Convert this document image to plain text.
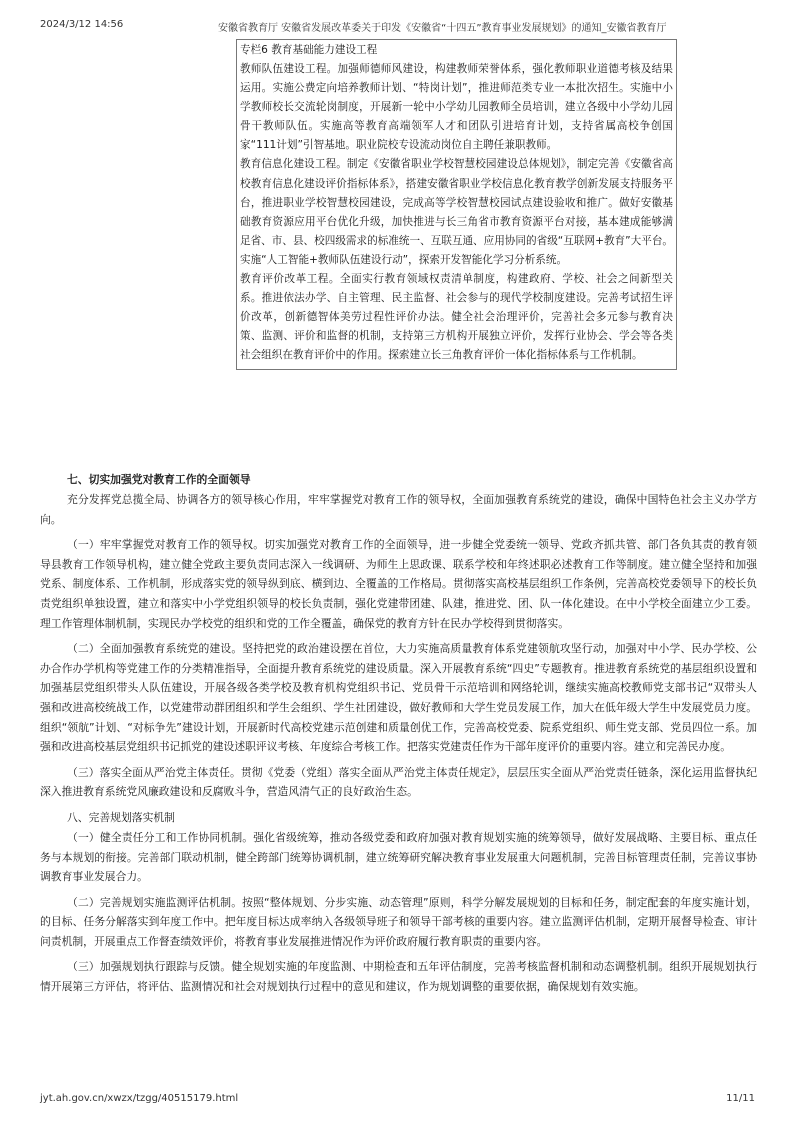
2024/3/12 14:56	安徽省教育厅 安徽省发展改革委关于印发《安徽省“十四五”教育事业发展规划》的通知_安徽省教育厅

专栏6 教育基础能力建设工程

教师队伍建设工程。加强师德师风建设，构建教师荣誉体系，强化教师职业道德考核及结果运用。实施公费定向培养教师计划、“特岗计划”，推进师范类专业一本批次招生。实施中小学教师校长交流轮岗制度，开展新一轮中小学幼儿园教师全员培训，建立各级中小学幼儿园骨干教师队伍。实施高等教育高端领军人才和团队引进培育计划，支持省属高校争创国家“111计划”引智基地。职业院校专设流动岗位自主聘任兼职教师。

教育信息化建设工程。制定《安徽省职业学校智慧校园建设总体规划》，制定完善《安徽省高校教育信息化建设评价指标体系》，搭建安徽省职业学校信息化教育教学创新发展支持服务平台，推进职业学校智慧校园建设，完成高等学校智慧校园试点建设验收和推广。做好安徽基础教育资源应用平台优化升级，加快推进与长三角省市教育资源平台对接，基本建成能够满足省、市、县、校四级需求的标准统一、互联互通、应用协同的省级“互联网+教育”大平台。实施“人工智能+教师队伍建设行动”，探索开发智能化学习分析系统。

教育评价改革工程。全面实行教育领域权责清单制度，构建政府、学校、社会之间新型关系。推进依法办学、自主管理、民主监督、社会参与的现代学校制度建设。完善考试招生评价改革，创新德智体美劳过程性评价办法。健全社会治理评价，完善社会多元参与教育决策、监测、评价和监督的机制，支持第三方机构开展独立评价，发挥行业协会、学会等各类社会组织在教育评价中的作用。探索建立长三角教育评价一体化指标体系与工作机制。

七、切实加强党对教育工作的全面领导

充分发挥党总揽全局、协调各方的领导核心作用，牢牢掌握党对教育工作的领导权，全面加强教育系统党的建设，确保中国特色社会主义办学方向。

（一）牢牢掌握党对教育工作的领导权。切实加强党对教育工作的全面领导，进一步健全党委统一领导、党政齐抓共管、部门各负其责的教育领导县教育工作领导机构，建立健全党政主要负责同志深入一线调研、为师生上思政课、联系学校和年终述职必述教育工作等制度。建立健全坚持和加强党系、制度体系、工作机制，形成落实党的领导纵到底、横到边、全覆盖的工作格局。贯彻落实高校基层组织工作条例，完善高校党委领导下的校长负责党组织单独设置，建立和落实中小学党组织领导的校长负责制，强化党建带团建、队建，推进党、团、队一体化建设。在中小学校全面建立少工委。理工作管理体制机制，实现民办学校党的组织和党的工作全覆盖，确保党的教育方针在民办学校得到贯彻落实。

（二）全面加强教育系统党的建设。坚持把党的政治建设摆在首位，大力实施高质量教育体系党建领航攻坚行动，加强对中小学、民办学校、公办合作办学机构等党建工作的分类精准指导，全面提升教育系统党的建设质量。深入开展教育系统“四史”专题教育。推进教育系统党的基层组织设置和加强基层党组织带头人队伍建设，开展各级各类学校及教育机构党组织书记、党员骨干示范培训和网络轮训，继续实施高校教师党支部书记“双带头人强和改进高校统战工作，以党建带动群团组织和学生会组织、学生社团建设，做好教师和大学生党员发展工作，加大在低年级大学生中发展党员力度。组织“领航”计划、“对标争先”建设计划，开展新时代高校党建示范创建和质量创优工作，完善高校党委、院系党组织、师生党支部、党员四位一系。加强和改进高校基层党组织书记抓党的建设述职评议考核、年度综合考核工作。把落实党建责任作为干部年度评价的重要内容。建立和完善民办度。

（三）落实全面从严治党主体责任。贯彻《党委（党组）落实全面从严治党主体责任规定》，层层压实全面从严治党责任链条，深化运用监督执纪深入推进教育系统党风廉政建设和反腐败斗争，营造风清气正的良好政治生态。

八、完善规划落实机制

（一）健全责任分工和工作协同机制。强化省级统筹，推动各级党委和政府加强对教育规划实施的统筹领导，做好发展战略、主要目标、重点任务与本规划的衔接。完善部门联动机制，健全跨部门统筹协调机制，建立统筹研究解决教育事业发展重大问题机制，完善目标管理责任制，完善议事协调教育事业发展合力。

（二）完善规划实施监测评估机制。按照“整体规划、分步实施、动态管理”原则，科学分解发展规划的目标和任务，制定配套的年度实施计划，的目标、任务分解落实到年度工作中。把年度目标达成率纳入各级领导班子和领导干部考核的重要内容。建立监测评估机制，定期开展督导检查、审计问责机制，开展重点工作督查绩效评价，将教育事业发展推进情况作为评价政府履行教育职责的重要内容。

（三）加强规划执行跟踪与反馈。健全规划实施的年度监测、中期检查和五年评估制度，完善考核监督机制和动态调整机制。组织开展规划执行情开展第三方评估，将评估、监测情况和社会对规划执行过程中的意见和建议，作为规划调整的重要依据，确保规划有效实施。

jyt.ah.gov.cn/xwzx/tzgg/40515179.html	11/11
